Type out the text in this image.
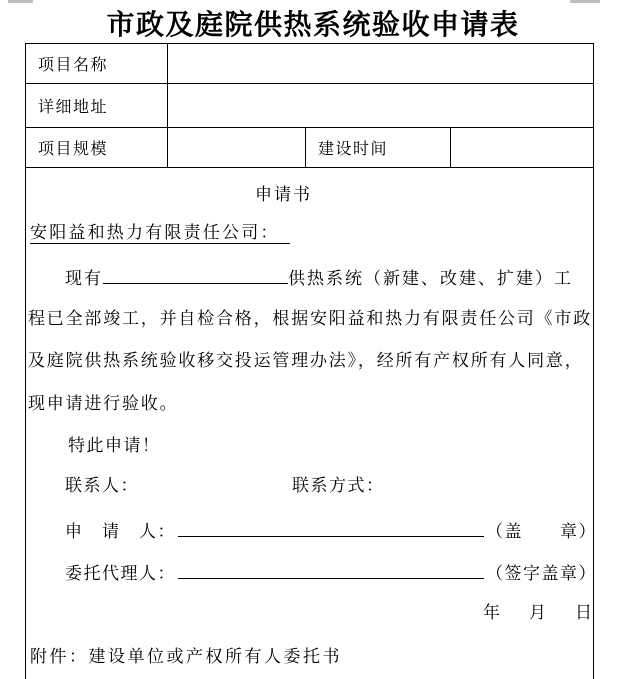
市政及庭院供热系统验收申请表
项目名称			
详细地址			
项目规模		建设时间	

申请书
安阳益和热力有限责任公司：
现有	供热系统（新建、改建、扩建）工
程已全部竣工，并自检合格，根据安阳益和热力有限责任公司《市政
及庭院供热系统验收移交投运管理办法》，经所有产权所有人同意，
现申请进行验收。
特此申请！
联系人：	联系方式：
申　请　人：	（盖　　章）
委托代理人：	（签字盖章）
年　月　日
附件：建设单位或产权所有人委托书
